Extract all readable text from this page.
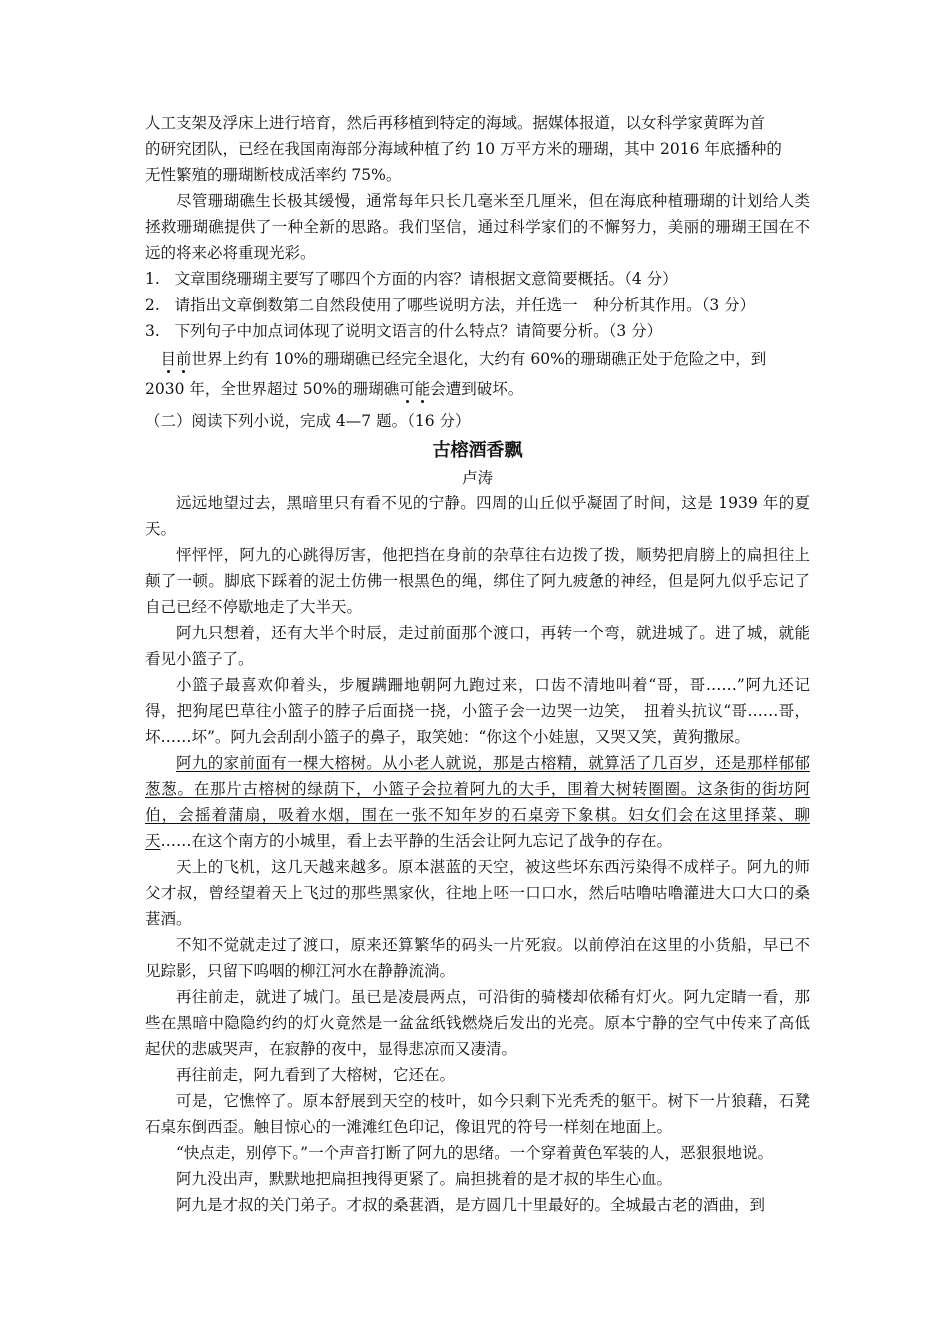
人工支架及浮床上进行培育，然后再移植到特定的海域。据媒体报道，以女科学家黄晖为首
的研究团队，已经在我国南海部分海域种植了约 10 万平方米的珊瑚，其中 2016 年底播种的
无性繁殖的珊瑚断枝成活率约 75%。

尽管珊瑚礁生长极其缓慢，通常每年只长几毫米至几厘米，但在海底种植珊瑚的计划给人类拯救珊瑚礁提供了一种全新的思路。我们坚信，通过科学家们的不懈努力，美丽的珊瑚王国在不远的将来必将重现光彩。

1.   文章围绕珊瑚主要写了哪四个方面的内容？请根据文意简要概括。（4 分）

2.   请指出文章倒数第二自然段使用了哪些说明方法，并任选一　种分析其作用。（3 分）

3.   下列句子中加点词体现了说明文语言的什么特点？请简要分析。（3 分）

目前世界上约有 10%的珊瑚礁已经完全退化，大约有 60%的珊瑚礁正处于危险之中，到 2030 年，全世界超过 50%的珊瑚礁可能会遭到破坏。

（二）阅读下列小说，完成 4—7 题。（16 分）

古榕酒香飘
卢涛

远远地望过去，黑暗里只有看不见的宁静。四周的山丘似乎凝固了时间，这是 1939 年的夏天。

怦怦怦，阿九的心跳得厉害，他把挡在身前的杂草往右边拨了拨，顺势把肩膀上的扁担往上颠了一顿。脚底下踩着的泥土仿佛一根黑色的绳，绑住了阿九疲惫的神经，但是阿九似乎忘记了自己已经不停歇地走了大半天。

阿九只想着，还有大半个时辰，走过前面那个渡口，再转一个弯，就进城了。进了城，就能看见小篮子了。

小篮子最喜欢仰着头，步履蹒跚地朝阿九跑过来，口齿不清地叫着“哥，哥……”阿九还记得，把狗尾巴草往小篮子的脖子后面挠一挠，小篮子会一边哭一边笑，　扭着头抗议“哥……哥，坏……坏”。阿九会刮刮小篮子的鼻子，取笑她：“你这个小娃崽，又哭又笑，黄狗撒尿。

阿九的家前面有一棵大榕树。从小老人就说，那是古榕精，就算活了几百岁，还是那样郁郁葱葱。在那片古榕树的绿荫下，小篮子会拉着阿九的大手，围着大树转圈圈。这条街的街坊阿伯，会摇着蒲扇，吸着水烟，围在一张不知年岁的石桌旁下象棋。妇女们会在这里择菜、聊天……在这个南方的小城里，看上去平静的生活会让阿九忘记了战争的存在。

天上的飞机，这几天越来越多。原本湛蓝的天空，被这些坏东西污染得不成样子。阿九的师父才叔，曾经望着天上飞过的那些黑家伙，往地上呸一口口水，然后咕噜咕噜灌进大口大口的桑葚酒。

不知不觉就走过了渡口，原来还算繁华的码头一片死寂。以前停泊在这里的小货船，早已不见踪影，只留下呜咽的柳江河水在静静流淌。

再往前走，就进了城门。虽已是凌晨两点，可沿街的骑楼却依稀有灯火。阿九定睛一看，那些在黑暗中隐隐约约的灯火竟然是一盆盆纸钱燃烧后发出的光亮。原本宁静的空气中传来了高低起伏的悲戚哭声，在寂静的夜中，显得悲凉而又凄清。

再往前走，阿九看到了大榕树，它还在。

可是，它憔悴了。原本舒展到天空的枝叶，如今只剩下光秃秃的躯干。树下一片狼藉，石凳石桌东倒西歪。触目惊心的一滩滩红色印记，像诅咒的符号一样刻在地面上。

“快点走，别停下。”一个声音打断了阿九的思绪。一个穿着黄色军装的人，恶狠狠地说。

阿九没出声，默默地把扁担拽得更紧了。扁担挑着的是才叔的毕生心血。

阿九是才叔的关门弟子。才叔的桑葚酒，是方圆几十里最好的。全城最古老的酒曲，到
